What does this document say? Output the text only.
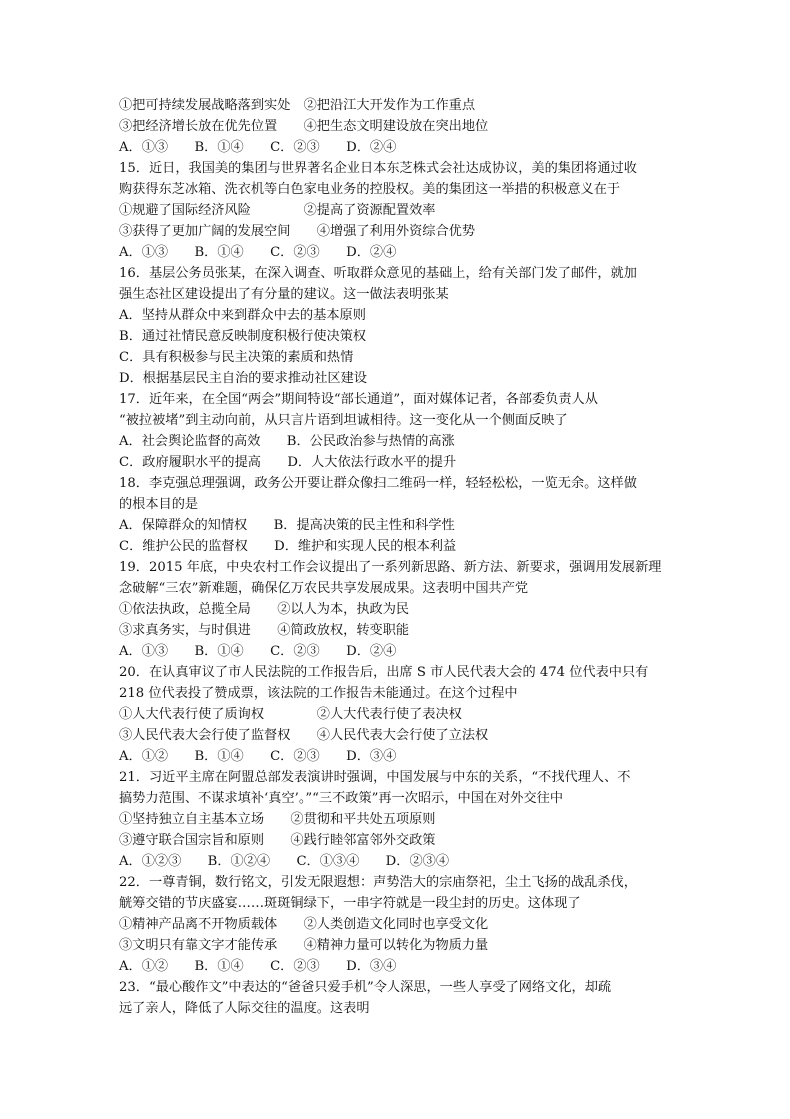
①把可持续发展战略落到实处　②把沿江大开发作为工作重点
③把经济增长放在优先位置　　④把生态文明建设放在突出地位
A．①③　　B．①④　　C．②③　　D．②④
15．近日，我国美的集团与世界著名企业日本东芝株式会社达成协议，美的集团将通过收
购获得东芝冰箱、洗衣机等白色家电业务的控股权。美的集团这一举措的积极意义在于
①规避了国际经济风险　　　　②提高了资源配置效率
③获得了更加广阔的发展空间　　④增强了利用外资综合优势
A．①③　　B．①④　　C．②③　　D．②④
16．基层公务员张某，在深入调查、听取群众意见的基础上，给有关部门发了邮件，就加
强生态社区建设提出了有分量的建议。这一做法表明张某
A．坚持从群众中来到群众中去的基本原则
B．通过社情民意反映制度积极行使决策权
C．具有积极参与民主决策的素质和热情
D．根据基层民主自治的要求推动社区建设
17．近年来，在全国“两会”期间特设“部长通道”，面对媒体记者，各部委负责人从
“被拉被堵”到主动向前，从只言片语到坦诚相待。这一变化从一个侧面反映了
A．社会舆论监督的高效　　B．公民政治参与热情的高涨
C．政府履职水平的提高　　D．人大依法行政水平的提升
18．李克强总理强调，政务公开要让群众像扫二维码一样，轻轻松松，一览无余。这样做
的根本目的是
A．保障群众的知情权　　B．提高决策的民主性和科学性
C．维护公民的监督权　　D．维护和实现人民的根本利益
19．2015 年底，中央农村工作会议提出了一系列新思路、新方法、新要求，强调用发展新理
念破解“三农”新难题，确保亿万农民共享发展成果。这表明中国共产党
①依法执政，总揽全局　　②以人为本，执政为民
③求真务实，与时俱进　　④简政放权，转变职能
A．①③　　B．①④　　C．②③　　D．②④
20．在认真审议了市人民法院的工作报告后，出席 S 市人民代表大会的 474 位代表中只有
218 位代表投了赞成票，该法院的工作报告未能通过。在这个过程中
①人大代表行使了质询权　　　　②人大代表行使了表决权
③人民代表大会行使了监督权　　④人民代表大会行使了立法权
A．①②　　B．①④　　C．②③　　D．③④
21．习近平主席在阿盟总部发表演讲时强调，中国发展与中东的关系，“不找代理人、不
搞势力范围、不谋求填补‘真空’。”“三不政策”再一次昭示，中国在对外交往中
①坚持独立自主基本立场　　②贯彻和平共处五项原则
③遵守联合国宗旨和原则　　④践行睦邻富邻外交政策
A．①②③　　B．①②④　　C．①③④　　D．②③④
22．一尊青铜，数行铭文，引发无限遐想：声势浩大的宗庙祭祀，尘土飞扬的战乱杀伐，
觥筹交错的节庆盛宴……斑斑铜绿下，一串字符就是一段尘封的历史。这体现了
①精神产品离不开物质载体　　②人类创造文化同时也享受文化
③文明只有靠文字才能传承　　④精神力量可以转化为物质力量
A．①②　　B．①④　　C．②③　　D．③④
23．“最心酸作文”中表达的“爸爸只爱手机”令人深思，一些人享受了网络文化，却疏
远了亲人，降低了人际交往的温度。这表明
